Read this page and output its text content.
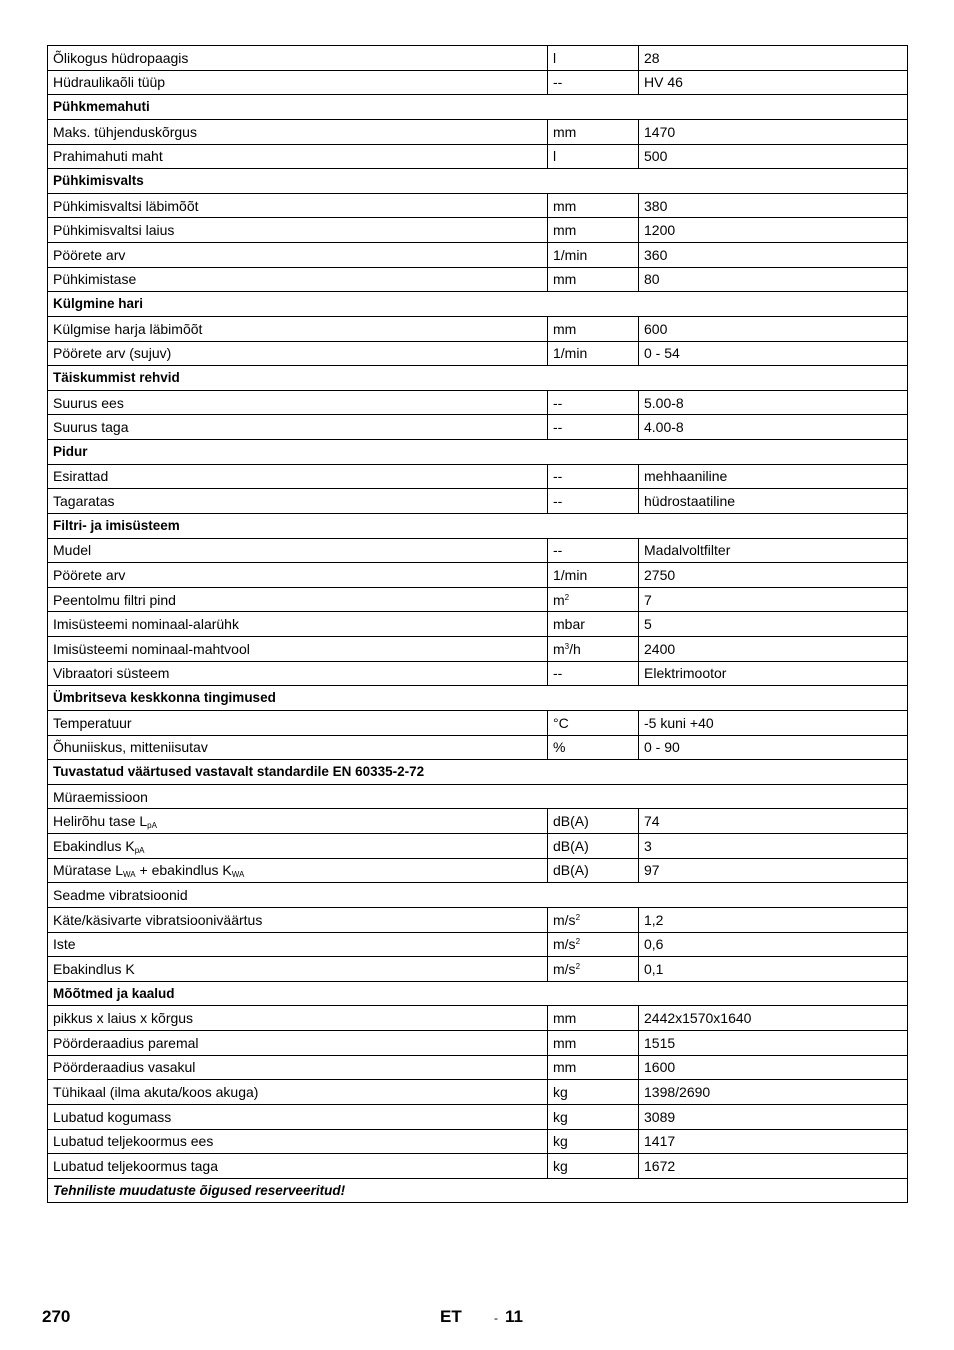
Õlikogus hüdropaagis	l	28
Hüdraulikaõli tüüp	--	HV 46
Pühkmemahuti		
Maks. tühjenduskõrgus	mm	1470
Prahimahuti maht	l	500
Pühkimisvalts		
Pühkimisvaltsi läbimõõt	mm	380
Pühkimisvaltsi laius	mm	1200
Pöörete arv	1/min	360
Pühkimistase	mm	80
Külgmine hari		
Külgmise harja läbimõõt	mm	600
Pöörete arv (sujuv)	1/min	0 - 54
Täiskummist rehvid		
Suurus ees	--	5.00-8
Suurus taga	--	4.00-8
Pidur		
Esirattad	--	mehhaaniline
Tagaratas	--	hüdrostaatiline
Filtri- ja imisüsteem		
Mudel	--	Madalvoltfilter
Pöörete arv	1/min	2750
Peentolmu filtri pind	$m^2$	7
Imisüsteemi nominaal-alarühk	mbar	5
Imisüsteemi nominaal-mahtvool	$m^3/h$	2400
Vibraatori süsteem	--	Elektrimootor
Ümbritseva keskkonna tingimused		
Temperatuur	°C	-5 kuni +40
Õhuniiskus, mitteniisutav	%	0 - 90
Tuvastatud väärtused vastavalt standardile EN 60335-2-72		
Müraemissioon		
Helirõhu tase $L_{pA}$	dB(A)	74
Ebakindlus $K_{pA}$	dB(A)	3
Müratase $L_{WA}$ + ebakindlus $K_{WA}$	dB(A)	97
Seadme vibratsioonid		
Käte/käsivarte vibratsiooniväärtus	$m/s^2$	1,2
Iste	$m/s^2$	0,6
Ebakindlus K	$m/s^2$	0,1
Mõõtmed ja kaalud		
pikkus x laius x kõrgus	mm	2442x1570x1640
Pöörderaadius paremal	mm	1515
Pöörderaadius vasakul	mm	1600
Tühikaal (ilma akuta/koos akuga)	kg	1398/2690
Lubatud kogumass	kg	3089
Lubatud teljekoormus ees	kg	1417
Lubatud teljekoormus taga	kg	1672
Tehniliste muudatuste õigused reserveeritud!		
270	ET	- 11
